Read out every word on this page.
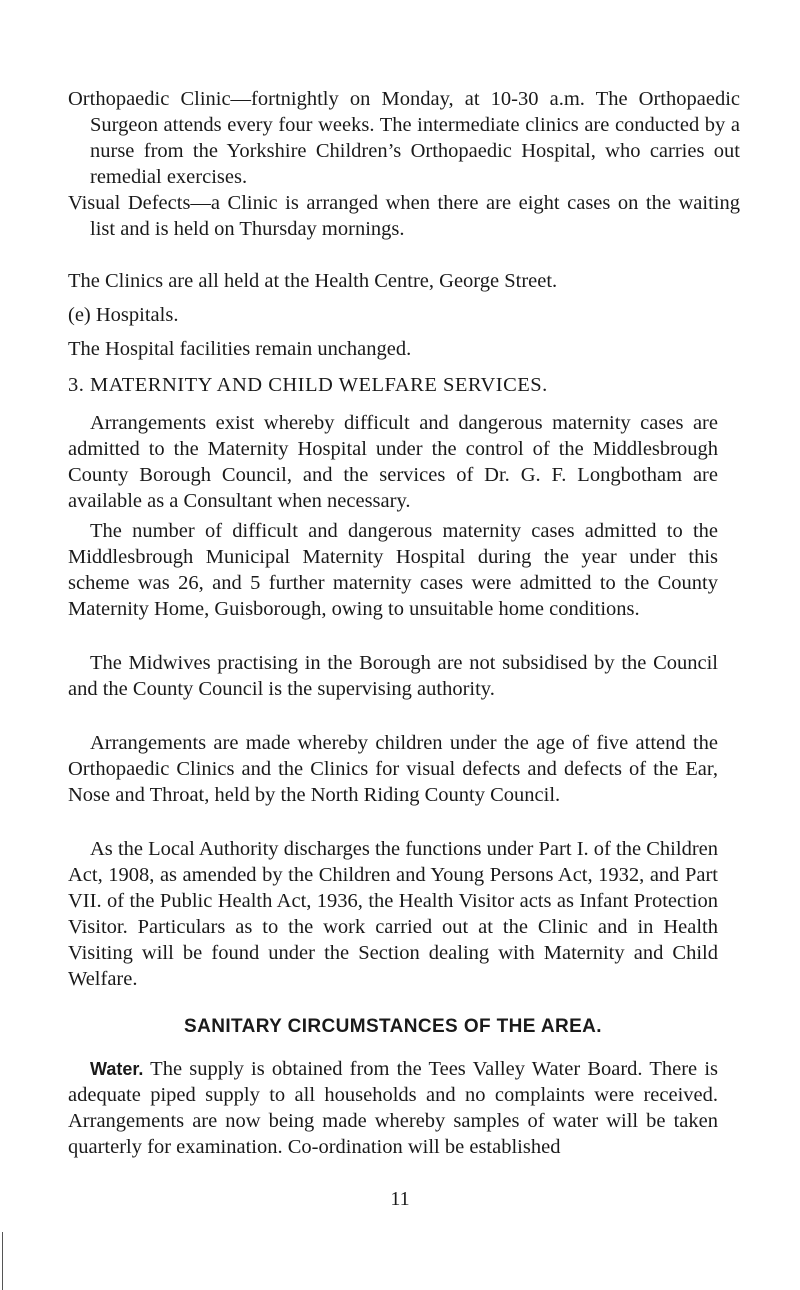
Orthopaedic Clinic—fortnightly on Monday, at 10-30 a.m. The Orthopaedic Surgeon attends every four weeks. The intermediate clinics are conducted by a nurse from the Yorkshire Children’s Orthopaedic Hospital, who carries out remedial exercises.
Visual Defects—a Clinic is arranged when there are eight cases on the waiting list and is held on Thursday mornings.
The Clinics are all held at the Health Centre, George Street.
(e) Hospitals.
The Hospital facilities remain unchanged.
3. MATERNITY AND CHILD WELFARE SERVICES.
Arrangements exist whereby difficult and dangerous maternity cases are admitted to the Maternity Hospital under the control of the Middlesbrough County Borough Council, and the services of Dr. G. F. Longbotham are available as a Consultant when necessary.
The number of difficult and dangerous maternity cases admitted to the Middlesbrough Municipal Maternity Hospital during the year under this scheme was 26, and 5 further maternity cases were admitted to the County Maternity Home, Guisborough, owing to unsuitable home conditions.
The Midwives practising in the Borough are not subsidised by the Council and the County Council is the supervising authority.
Arrangements are made whereby children under the age of five attend the Orthopaedic Clinics and the Clinics for visual defects and defects of the Ear, Nose and Throat, held by the North Riding County Council.
As the Local Authority discharges the functions under Part I. of the Children Act, 1908, as amended by the Children and Young Persons Act, 1932, and Part VII. of the Public Health Act, 1936, the Health Visitor acts as Infant Protection Visitor. Particulars as to the work carried out at the Clinic and in Health Visiting will be found under the Section dealing with Maternity and Child Welfare.
SANITARY CIRCUMSTANCES OF THE AREA.
Water. The supply is obtained from the Tees Valley Water Board. There is adequate piped supply to all households and no complaints were received. Arrangements are now being made whereby samples of water will be taken quarterly for examination. Co-ordination will be established
11
